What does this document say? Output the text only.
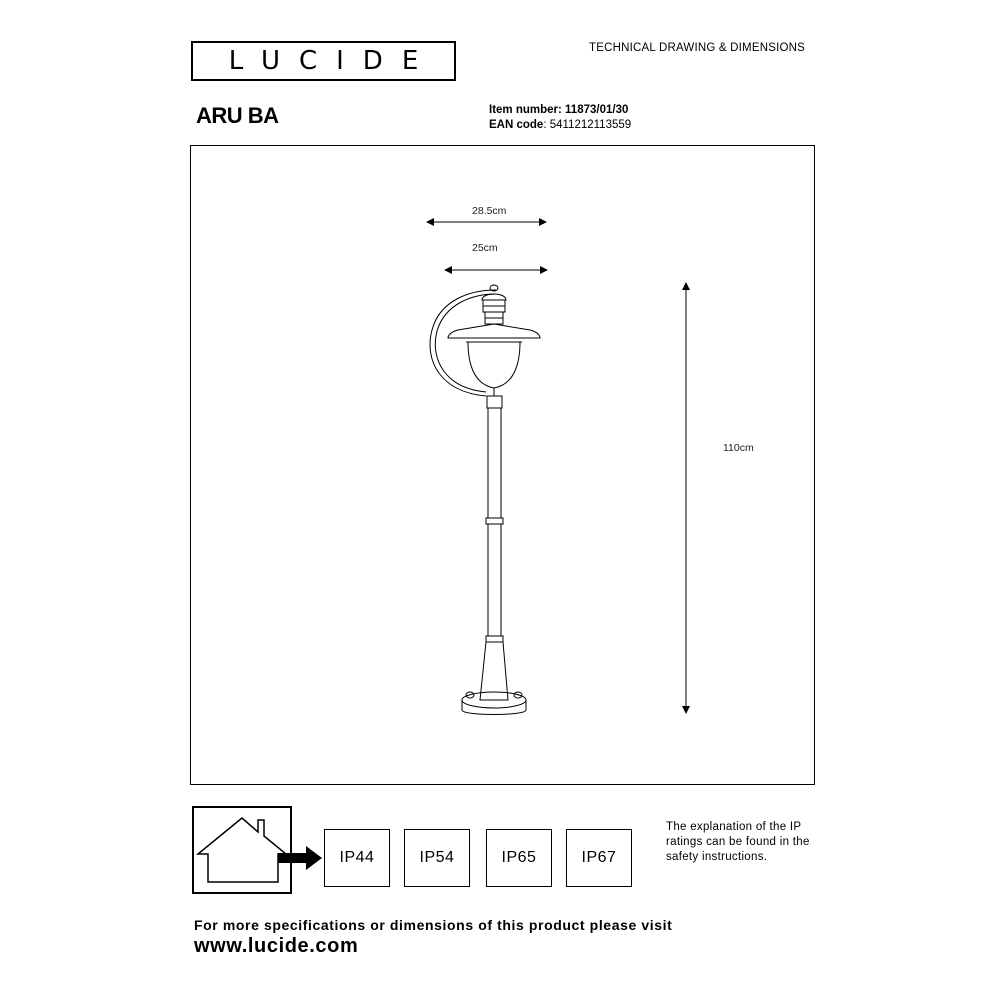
LUCIDE	TECHNICAL DRAWING & DIMENSIONS
ARU BA	Item number: 11873/01/30
EAN code: 5411212113559
28.5cm
25cm
110cm
IP44	IP54	IP65	IP67
The explanation of the IP ratings can be found in the safety instructions.
For more specifications or dimensions of this product please visit
www.lucide.com
